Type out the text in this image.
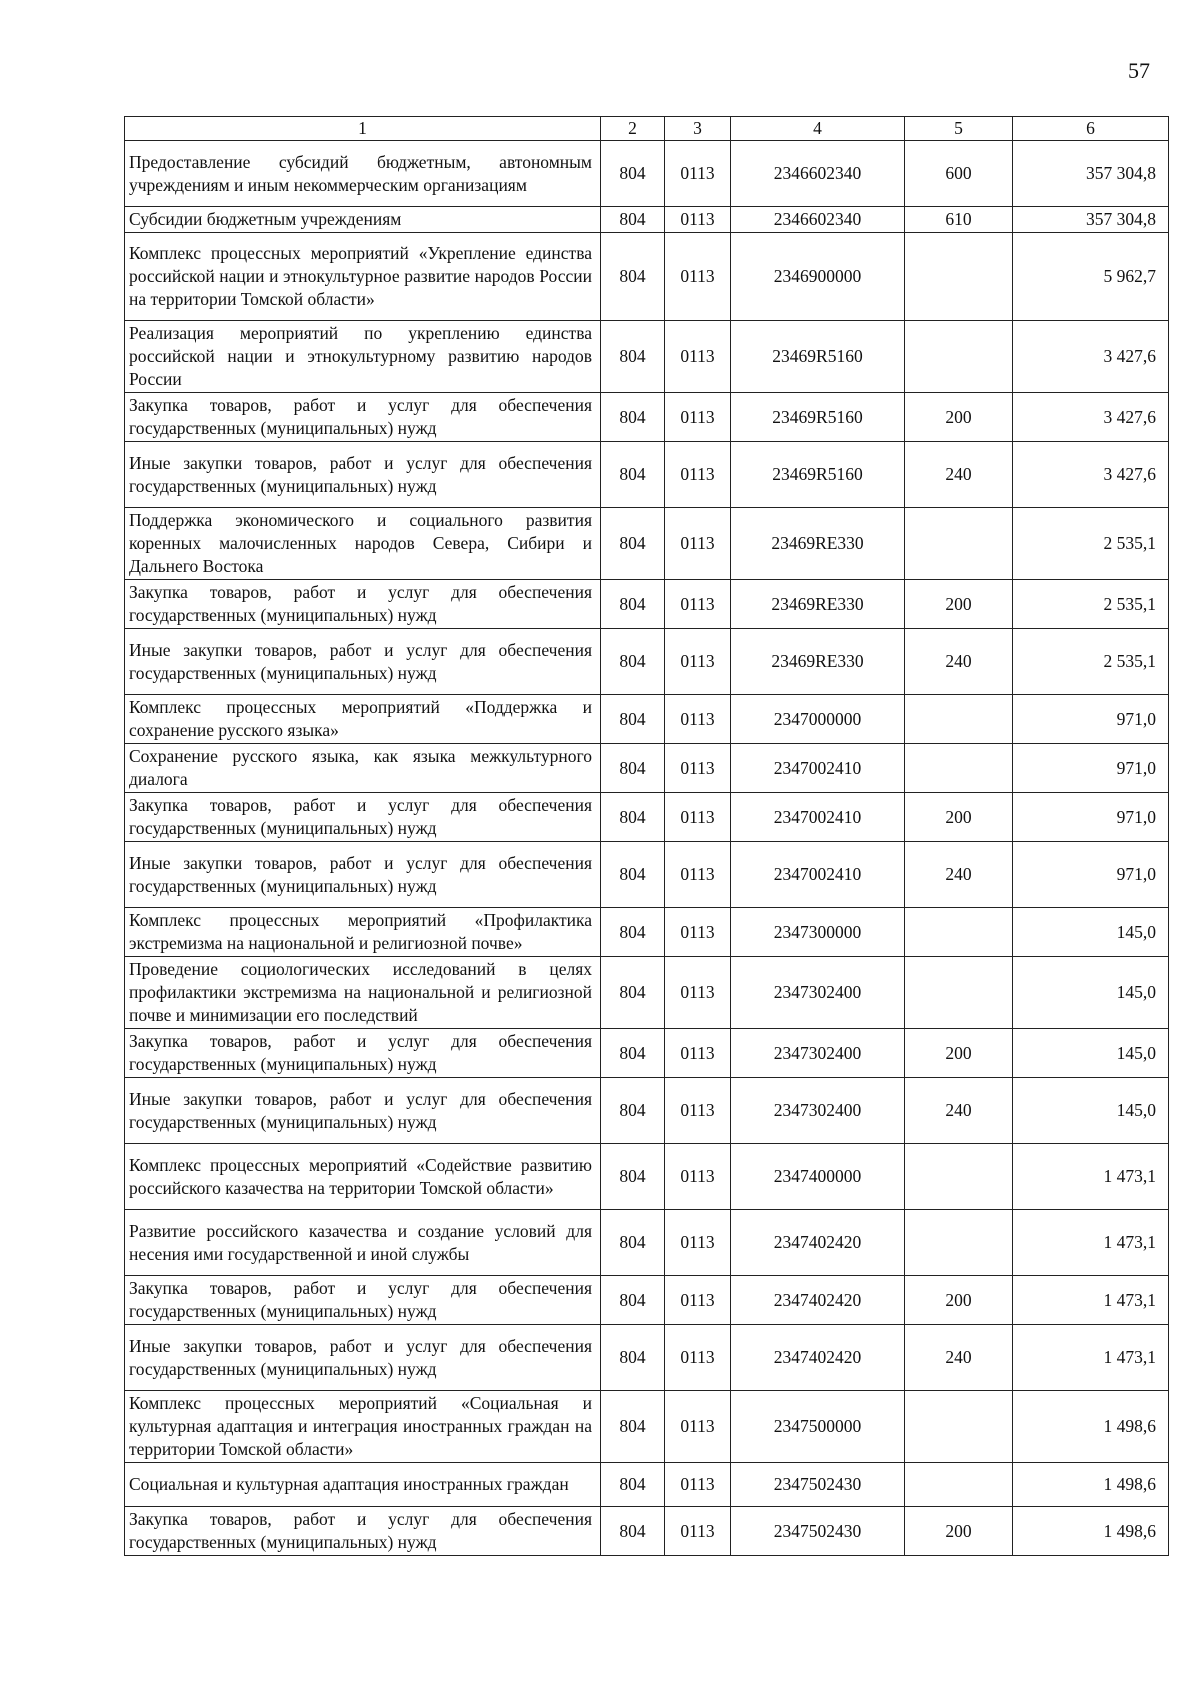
57
1	2	3	4	5	6
Предоставление субсидий бюджетным, автономным учреждениям и иным некоммерческим организациям	804	0113	2346602340	600	357 304,8
Субсидии бюджетным учреждениям	804	0113	2346602340	610	357 304,8
Комплекс процессных мероприятий «Укрепление единства российской нации и этнокультурное развитие народов России на территории Томской области»	804	0113	2346900000		5 962,7
Реализация мероприятий по укреплению единства российской нации и этнокультурному развитию народов России	804	0113	23469R5160		3 427,6
Закупка товаров, работ и услуг для обеспечения государственных (муниципальных) нужд	804	0113	23469R5160	200	3 427,6
Иные закупки товаров, работ и услуг для обеспечения государственных (муниципальных) нужд	804	0113	23469R5160	240	3 427,6
Поддержка экономического и социального развития коренных малочисленных народов Севера, Сибири и Дальнего Востока	804	0113	23469RE330		2 535,1
Закупка товаров, работ и услуг для обеспечения государственных (муниципальных) нужд	804	0113	23469RE330	200	2 535,1
Иные закупки товаров, работ и услуг для обеспечения государственных (муниципальных) нужд	804	0113	23469RE330	240	2 535,1
Комплекс процессных мероприятий «Поддержка и сохранение русского языка»	804	0113	2347000000		971,0
Сохранение русского языка, как языка межкультурного диалога	804	0113	2347002410		971,0
Закупка товаров, работ и услуг для обеспечения государственных (муниципальных) нужд	804	0113	2347002410	200	971,0
Иные закупки товаров, работ и услуг для обеспечения государственных (муниципальных) нужд	804	0113	2347002410	240	971,0
Комплекс процессных мероприятий «Профилактика экстремизма на национальной и религиозной почве»	804	0113	2347300000		145,0
Проведение социологических исследований в целях профилактики экстремизма на национальной и религиозной почве и минимизации его последствий	804	0113	2347302400		145,0
Закупка товаров, работ и услуг для обеспечения государственных (муниципальных) нужд	804	0113	2347302400	200	145,0
Иные закупки товаров, работ и услуг для обеспечения государственных (муниципальных) нужд	804	0113	2347302400	240	145,0
Комплекс процессных мероприятий «Содействие развитию российского казачества на территории Томской области»	804	0113	2347400000		1 473,1
Развитие российского казачества и создание условий для несения ими государственной и иной службы	804	0113	2347402420		1 473,1
Закупка товаров, работ и услуг для обеспечения государственных (муниципальных) нужд	804	0113	2347402420	200	1 473,1
Иные закупки товаров, работ и услуг для обеспечения государственных (муниципальных) нужд	804	0113	2347402420	240	1 473,1
Комплекс процессных мероприятий «Социальная и культурная адаптация и интеграция иностранных граждан на территории Томской области»	804	0113	2347500000		1 498,6
Социальная и культурная адаптация иностранных граждан	804	0113	2347502430		1 498,6
Закупка товаров, работ и услуг для обеспечения государственных (муниципальных) нужд	804	0113	2347502430	200	1 498,6
